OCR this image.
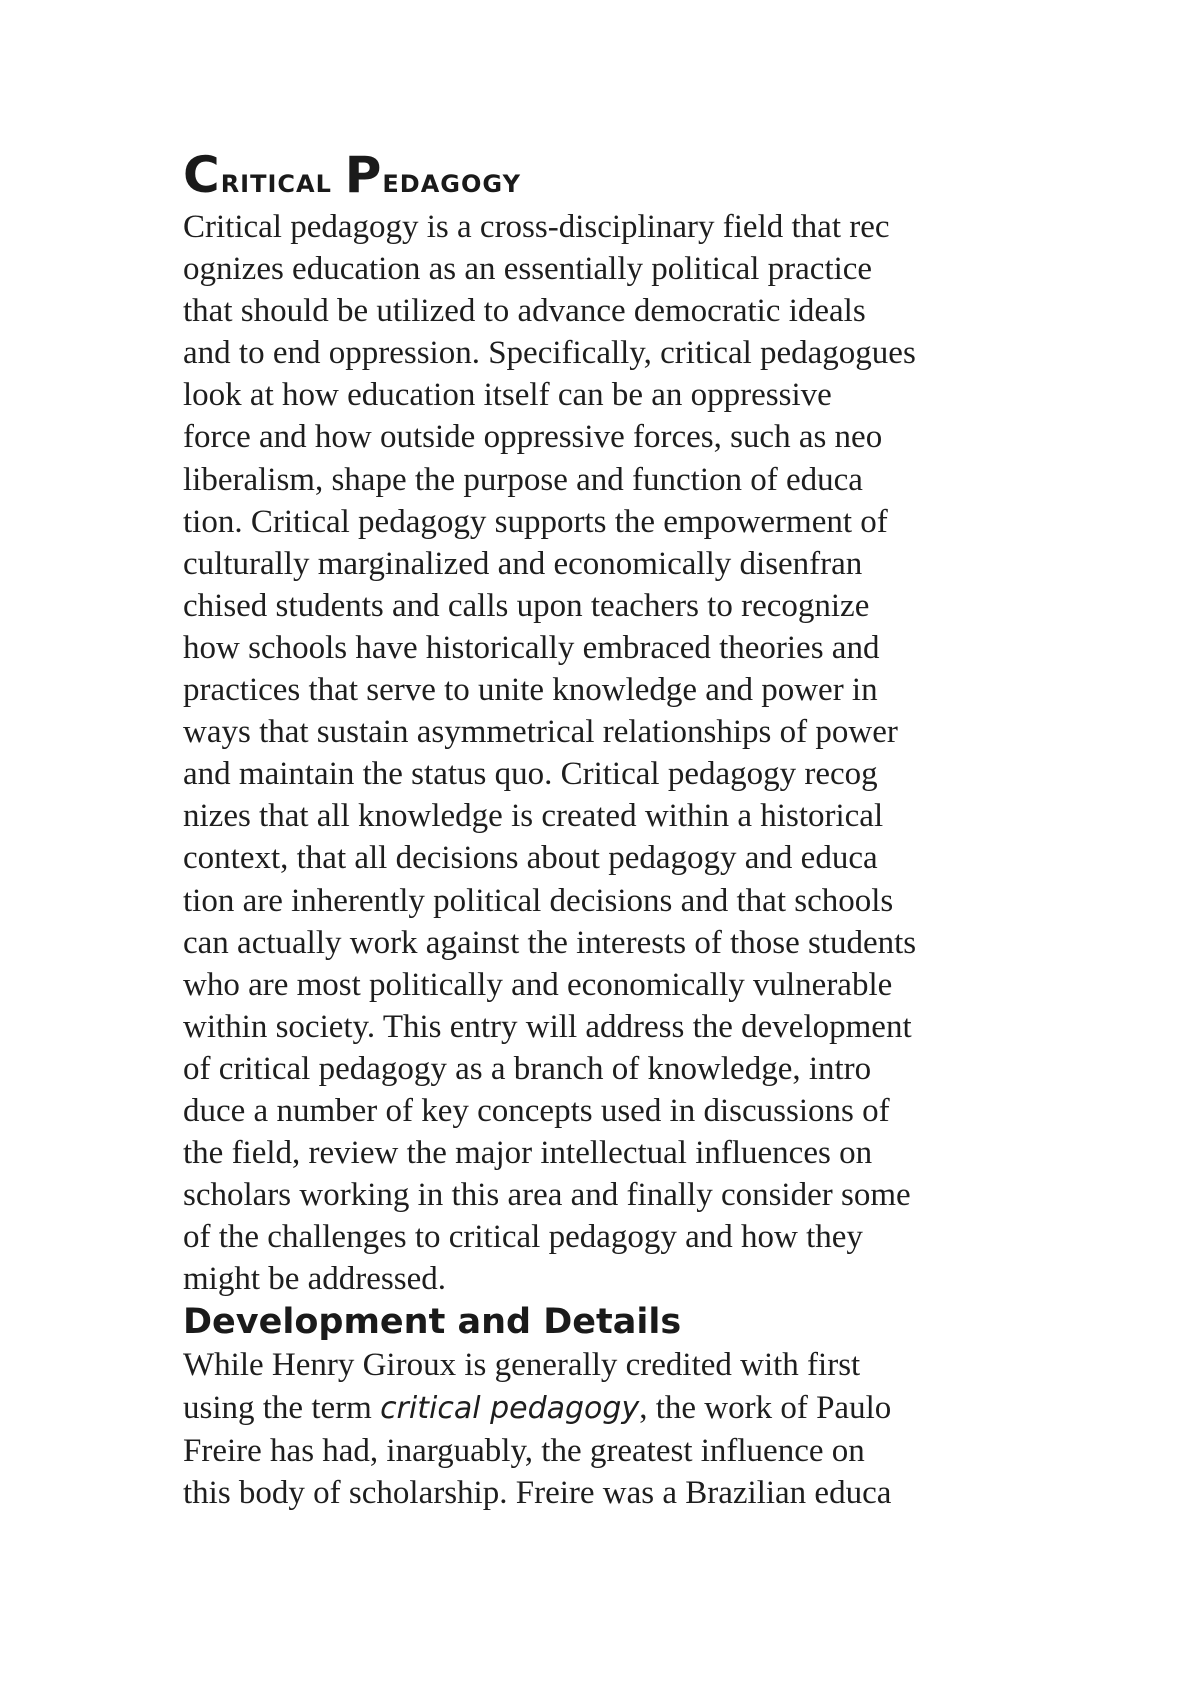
Critical Pedagogy
Critical pedagogy is a cross-disciplinary field that rec
ognizes education as an essentially political practice
that should be utilized to advance democratic ideals
and to end oppression. Specifically, critical pedagogues
look at how education itself can be an oppressive
force and how outside oppressive forces, such as neo
liberalism, shape the purpose and function of educa
tion. Critical pedagogy supports the empowerment of
culturally marginalized and economically disenfran
chised students and calls upon teachers to recognize
how schools have historically embraced theories and
practices that serve to unite knowledge and power in
ways that sustain asymmetrical relationships of power
and maintain the status quo. Critical pedagogy recog
nizes that all knowledge is created within a historical
context, that all decisions about pedagogy and educa
tion are inherently political decisions and that schools
can actually work against the interests of those students
who are most politically and economically vulnerable
within society. This entry will address the development
of critical pedagogy as a branch of knowledge, intro
duce a number of key concepts used in discussions of
the field, review the major intellectual influences on
scholars working in this area and finally consider some
of the challenges to critical pedagogy and how they
might be addressed.
Development and Details
While Henry Giroux is generally credited with first
using the term critical pedagogy, the work of Paulo
Freire has had, inarguably, the greatest influence on
this body of scholarship. Freire was a Brazilian educa
